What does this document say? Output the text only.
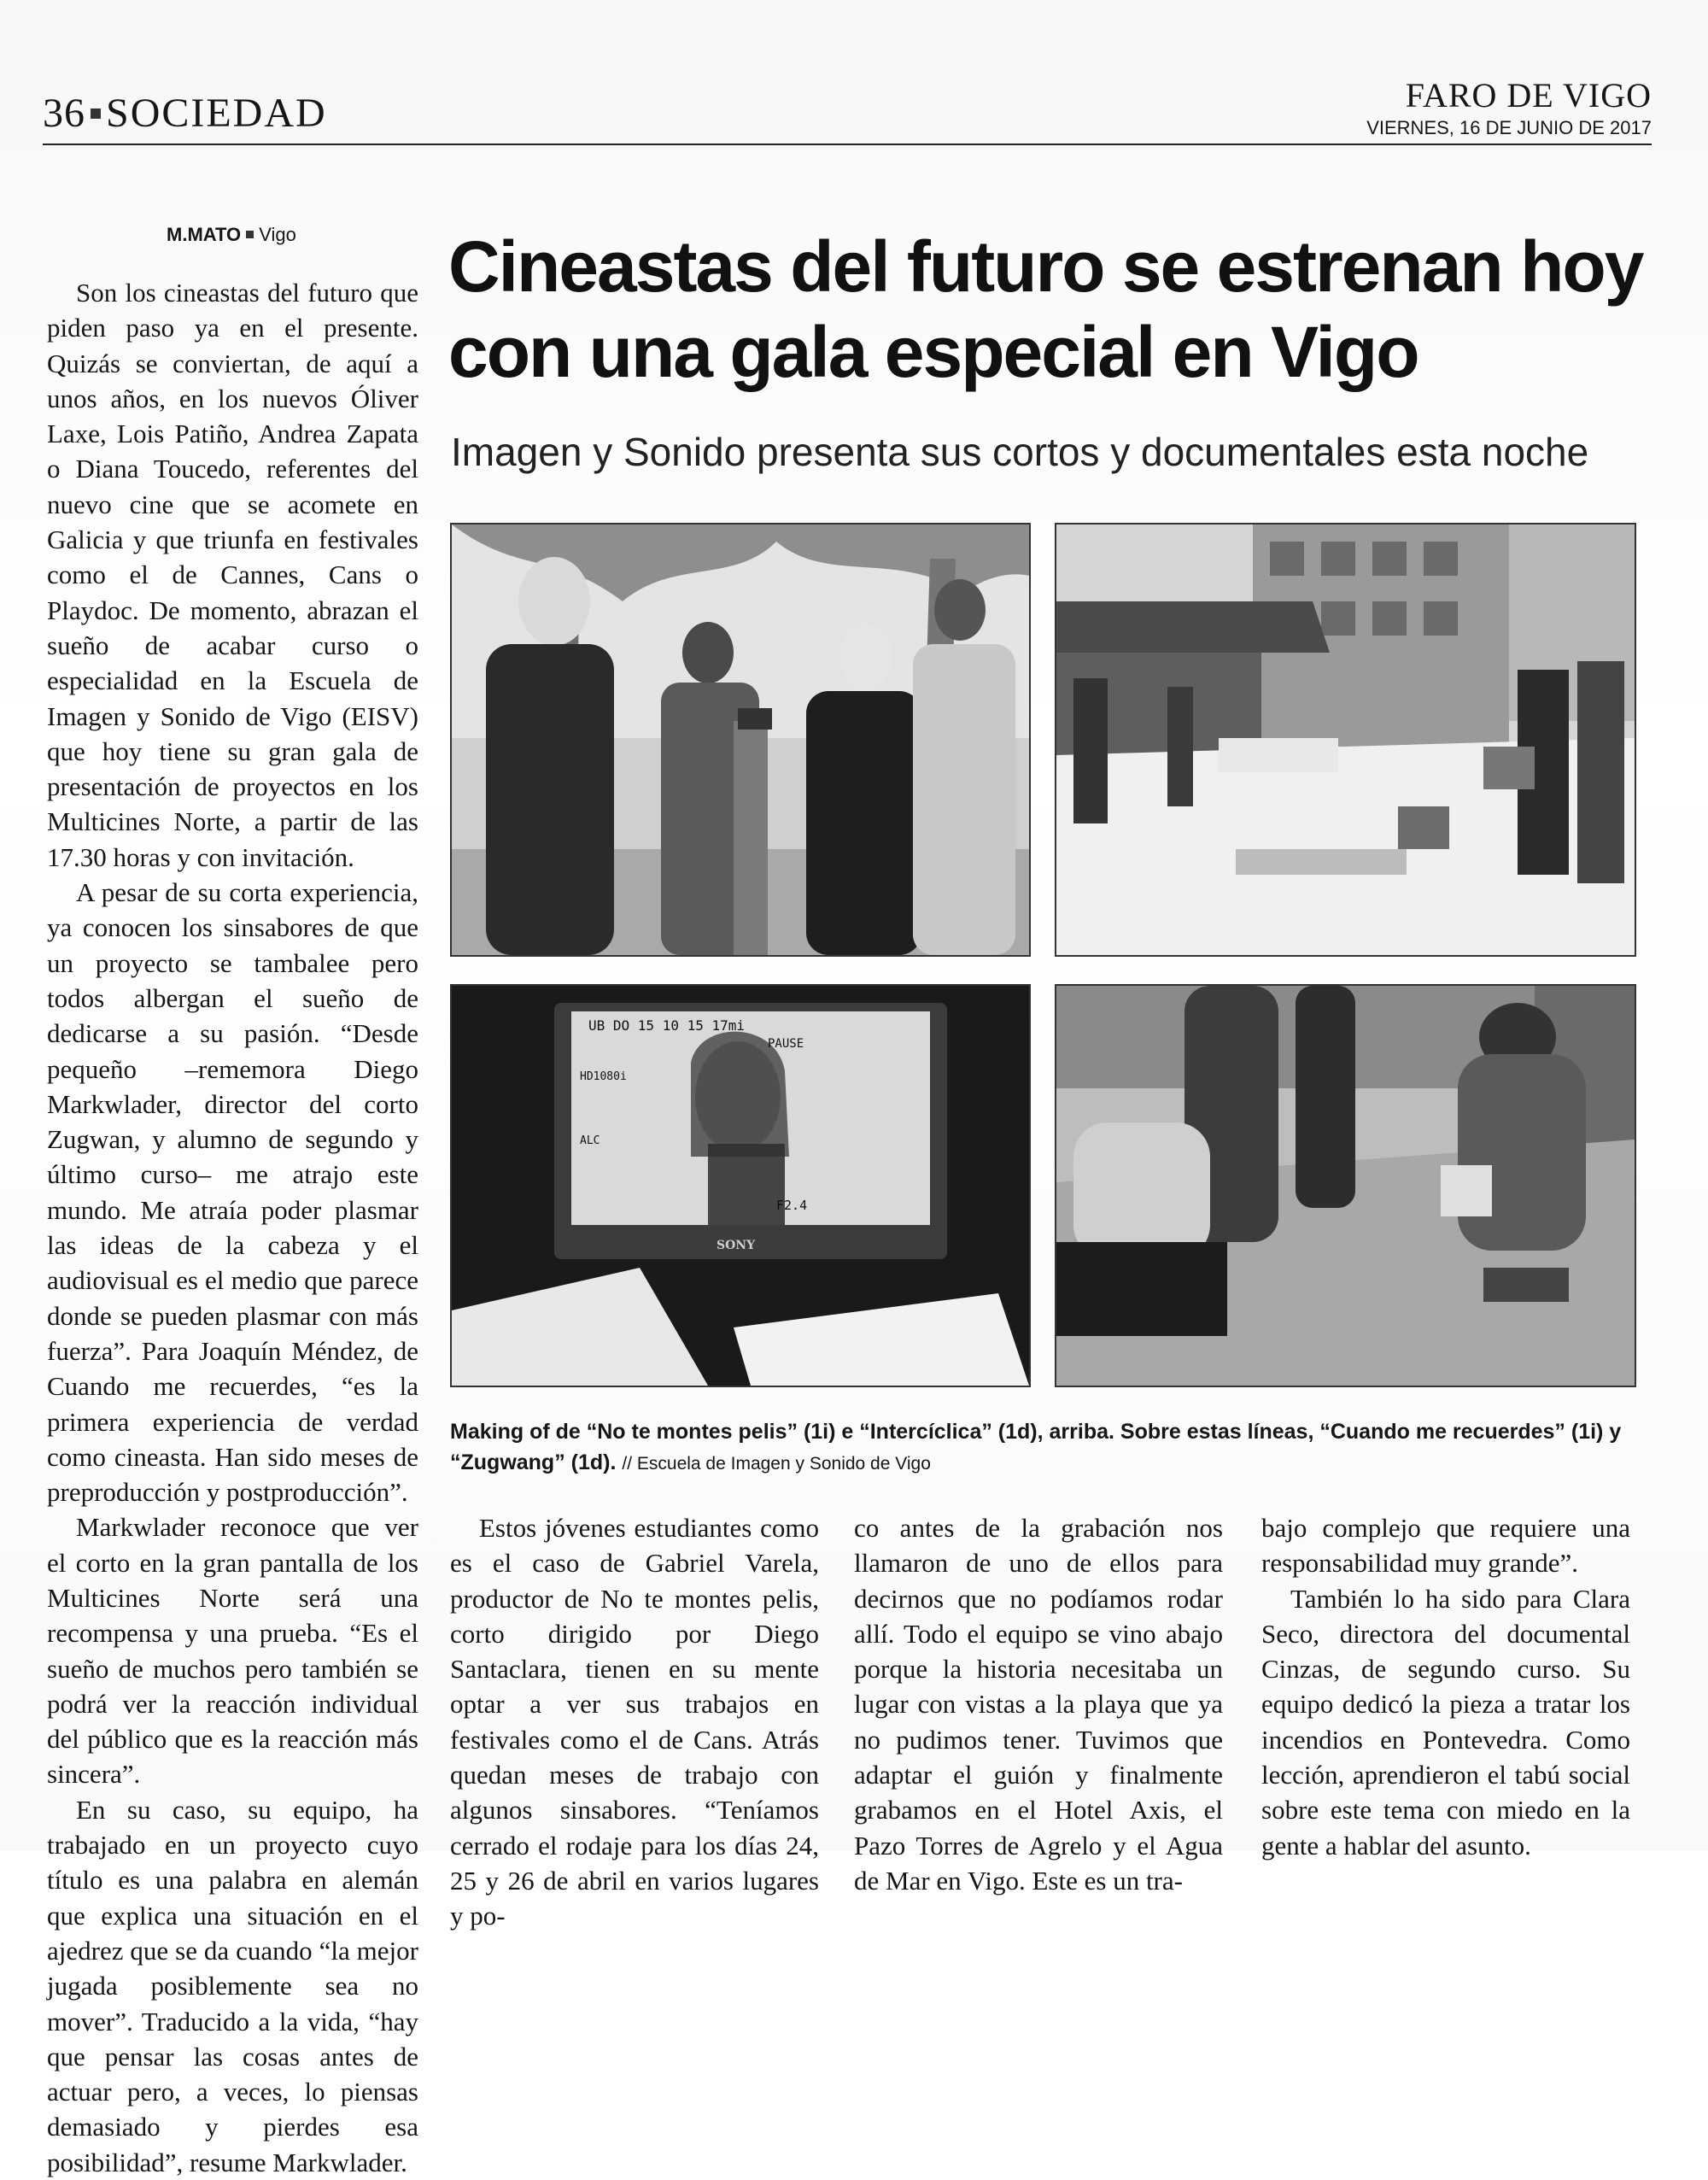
36 SOCIEDAD	FARO DE VIGO
VIERNES, 16 DE JUNIO DE 2017
M.MATO Vigo

Son los cineastas del futuro que piden paso ya en el presente. Quizás se conviertan, de aquí a unos años, en los nuevos Óliver Laxe, Lois Patiño, Andrea Zapata o Diana Toucedo, referentes del nuevo cine que se acomete en Galicia y que triunfa en festivales como el de Cannes, Cans o Playdoc. De momento, abrazan el sueño de acabar curso o especialidad en la Escuela de Imagen y Sonido de Vigo (EISV) que hoy tiene su gran gala de presentación de proyectos en los Multicines Norte, a partir de las 17.30 horas y con invitación.

A pesar de su corta experiencia, ya conocen los sinsabores de que un proyecto se tambalee pero todos albergan el sueño de dedicarse a su pasión. “Desde pequeño –rememora Diego Markwlader, director del corto Zugwan, y alumno de segundo y último curso– me atrajo este mundo. Me atraía poder plasmar las ideas de la cabeza y el audiovisual es el medio que parece donde se pueden plasmar con más fuerza”. Para Joaquín Méndez, de Cuando me recuerdes, “es la primera experiencia de verdad como cineasta. Han sido meses de preproducción y postproducción”.

Markwlader reconoce que ver el corto en la gran pantalla de los Multicines Norte será una recompensa y una prueba. “Es el sueño de muchos pero también se podrá ver la reacción individual del público que es la reacción más sincera”.

En su caso, su equipo, ha trabajado en un proyecto cuyo título es una palabra en alemán que explica una situación en el ajedrez que se da cuando “la mejor jugada posiblemente sea no mover”. Traducido a la vida, “hay que pensar las cosas antes de actuar pero, a veces, lo piensas demasiado y pierdes esa posibilidad”, resume Markwlader.

Cineastas del futuro se estrenan hoy con una gala especial en Vigo
Imagen y Sonido presenta sus cortos y documentales esta noche
UB DO 15 10 15 17mi
PAUSE
HD1080i
ALC
F2.4
SONY
Making of de “No te montes pelis” (1i) e “Intercíclica” (1d), arriba. Sobre estas líneas, “Cuando me recuerdes” (1i) y “Zugwang” (1d). // Escuela de Imagen y Sonido de Vigo

Estos jóvenes estudiantes como es el caso de Gabriel Varela, productor de No te montes pelis, corto dirigido por Diego Santaclara, tienen en su mente optar a ver sus trabajos en festivales como el de Cans. Atrás quedan meses de trabajo con algunos sinsabores. “Teníamos cerrado el rodaje para los días 24, 25 y 26 de abril en varios lugares y po-

co antes de la grabación nos llamaron de uno de ellos para decirnos que no podíamos rodar allí. Todo el equipo se vino abajo porque la historia necesitaba un lugar con vistas a la playa que ya no pudimos tener. Tuvimos que adaptar el guión y finalmente grabamos en el Hotel Axis, el Pazo Torres de Agrelo y el Agua de Mar en Vigo. Este es un tra-

bajo complejo que requiere una responsabilidad muy grande”.

También lo ha sido para Clara Seco, directora del documental Cinzas, de segundo curso. Su equipo dedicó la pieza a tratar los incendios en Pontevedra. Como lección, aprendieron el tabú social sobre este tema con miedo en la gente a hablar del asunto.
